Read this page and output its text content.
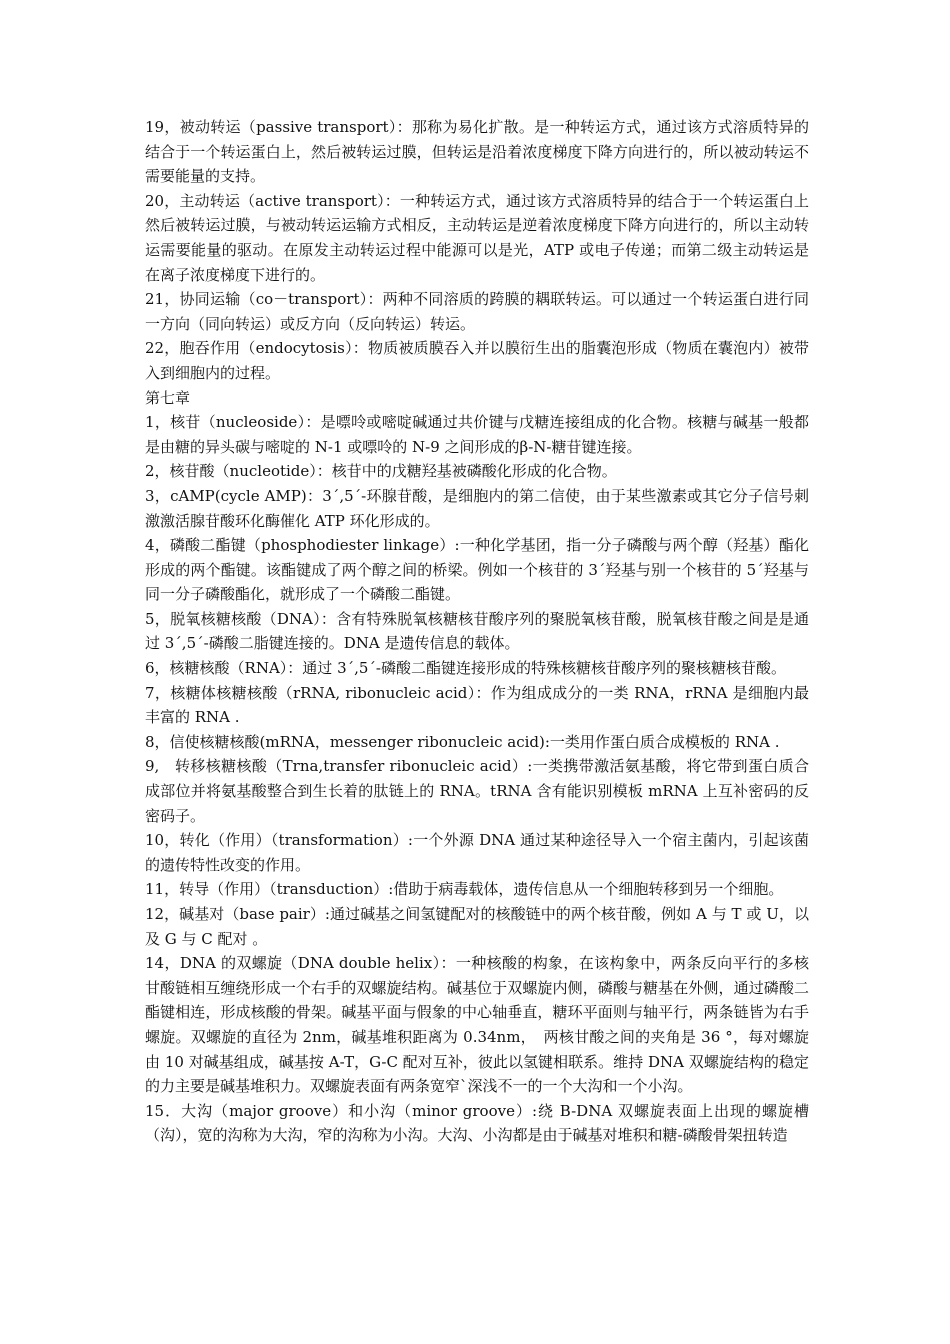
19，被动转运（passive transport）：那称为易化扩散。是一种转运方式，通过该方式溶质特异的结合于一个转运蛋白上，然后被转运过膜，但转运是沿着浓度梯度下降方向进行的，所以被动转运不需要能量的支持。

20，主动转运（active transport）：一种转运方式，通过该方式溶质特异的结合于一个转运蛋白上然后被转运过膜，与被动转运运输方式相反，主动转运是逆着浓度梯度下降方向进行的，所以主动转运需要能量的驱动。在原发主动转运过程中能源可以是光，ATP 或电子传递；而第二级主动转运是在离子浓度梯度下进行的。

21，协同运输（co－transport）：两种不同溶质的跨膜的耦联转运。可以通过一个转运蛋白进行同一方向（同向转运）或反方向（反向转运）转运。

22，胞吞作用（endocytosis）：物质被质膜吞入并以膜衍生出的脂囊泡形成（物质在囊泡内）被带入到细胞内的过程。

第七章

1，核苷（nucleoside）：是嘌呤或嘧啶碱通过共价键与戊糖连接组成的化合物。核糖与碱基一般都是由糖的异头碳与嘧啶的 N-1 或嘌呤的 N-9 之间形成的β-N-糖苷键连接。

2，核苷酸（nucleotide）：核苷中的戊糖羟基被磷酸化形成的化合物。

3，cAMP(cycle AMP)：3´,5´-环腺苷酸，是细胞内的第二信使，由于某些激素或其它分子信号刺激激活腺苷酸环化酶催化 ATP 环化形成的。

4，磷酸二酯键（phosphodiester linkage）:一种化学基团，指一分子磷酸与两个醇（羟基）酯化形成的两个酯键。该酯键成了两个醇之间的桥梁。例如一个核苷的 3´羟基与别一个核苷的 5´羟基与同一分子磷酸酯化，就形成了一个磷酸二酯键。

5，脱氧核糖核酸（DNA）：含有特殊脱氧核糖核苷酸序列的聚脱氧核苷酸，脱氧核苷酸之间是是通过 3´,5´-磷酸二脂键连接的。DNA 是遗传信息的载体。

6，核糖核酸（RNA）：通过 3´,5´-磷酸二酯键连接形成的特殊核糖核苷酸序列的聚核糖核苷酸。

7，核糖体核糖核酸（rRNA, ribonucleic acid）：作为组成成分的一类 RNA，rRNA 是细胞内最丰富的 RNA .

8，信使核糖核酸(mRNA，messenger ribonucleic acid):一类用作蛋白质合成模板的 RNA .

9,　转移核糖核酸（Trna,transfer ribonucleic acid）:一类携带激活氨基酸，将它带到蛋白质合成部位并将氨基酸整合到生长着的肽链上的 RNA。tRNA 含有能识别模板 mRNA 上互补密码的反密码子。

10，转化（作用）（transformation）:一个外源 DNA 通过某种途径导入一个宿主菌内，引起该菌的遗传特性改变的作用。

11，转导（作用）（transduction）:借助于病毒载体，遗传信息从一个细胞转移到另一个细胞。

12，碱基对（base pair）:通过碱基之间氢键配对的核酸链中的两个核苷酸，例如 A 与 T 或 U，以及 G 与 C 配对 。

14，DNA 的双螺旋（DNA double helix）：一种核酸的构象，在该构象中，两条反向平行的多核甘酸链相互缠绕形成一个右手的双螺旋结构。碱基位于双螺旋内侧，磷酸与糖基在外侧，通过磷酸二酯键相连，形成核酸的骨架。碱基平面与假象的中心轴垂直，糖环平面则与轴平行，两条链皆为右手螺旋。双螺旋的直径为 2nm，碱基堆积距离为 0.34nm，　两核甘酸之间的夹角是 36 °，每对螺旋由 10 对碱基组成，碱基按 A-T，G-C 配对互补，彼此以氢键相联系。维持 DNA 双螺旋结构的稳定的力主要是碱基堆积力。双螺旋表面有两条宽窄`深浅不一的一个大沟和一个小沟。

15．大沟（major groove）和小沟（minor groove）:绕 B-DNA 双螺旋表面上出现的螺旋槽（沟），宽的沟称为大沟，窄的沟称为小沟。大沟、小沟都是由于碱基对堆积和糖-磷酸骨架扭转造
